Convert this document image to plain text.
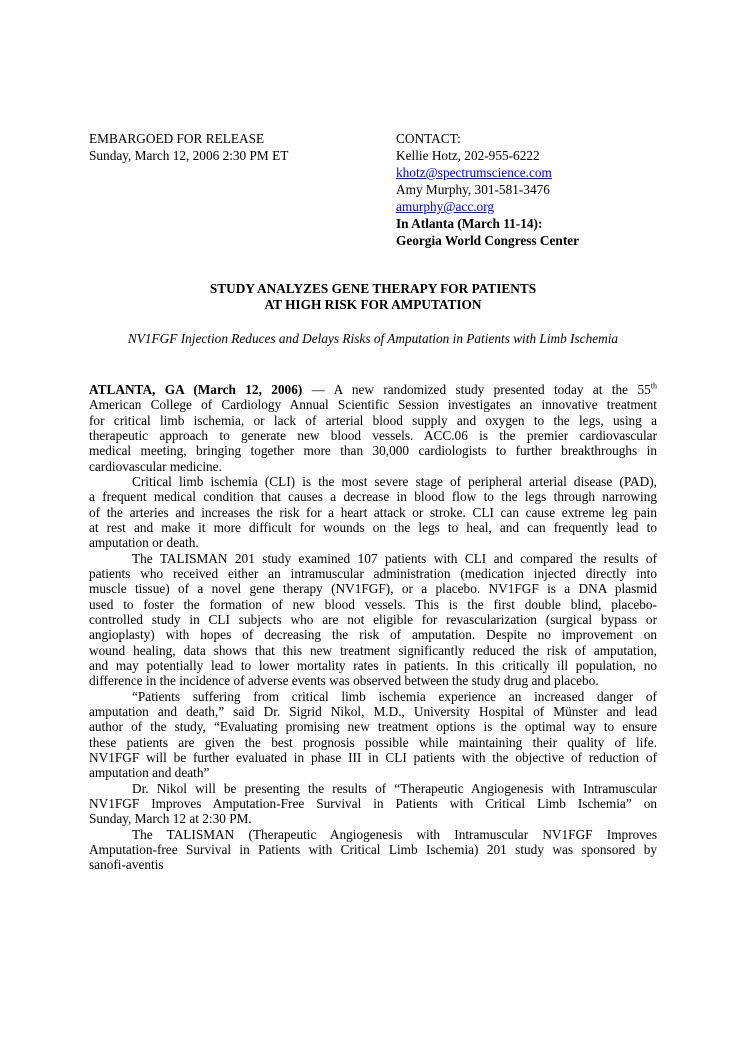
EMBARGOED FOR RELEASE
Sunday, March 12, 2006 2:30 PM ET
CONTACT:
Kellie Hotz, 202-955-6222
khotz@spectrumscience.com
Amy Murphy, 301-581-3476
amurphy@acc.org
In Atlanta (March 11-14):
Georgia World Congress Center
STUDY ANALYZES GENE THERAPY FOR PATIENTS
AT HIGH RISK FOR AMPUTATION
NV1FGF Injection Reduces and Delays Risks of Amputation in Patients with Limb Ischemia
ATLANTA, GA (March 12, 2006) — A new randomized study presented today at the 55th
American College of Cardiology Annual Scientific Session investigates an innovative treatment
for critical limb ischemia, or lack of arterial blood supply and oxygen to the legs, using a
therapeutic approach to generate new blood vessels. ACC.06 is the premier cardiovascular
medical meeting, bringing together more than 30,000 cardiologists to further breakthroughs in
cardiovascular medicine.
Critical limb ischemia (CLI) is the most severe stage of peripheral arterial disease (PAD),
a frequent medical condition that causes a decrease in blood flow to the legs through narrowing
of the arteries and increases the risk for a heart attack or stroke. CLI can cause extreme leg pain
at rest and make it more difficult for wounds on the legs to heal, and can frequently lead to
amputation or death.
The TALISMAN 201 study examined 107 patients with CLI and compared the results of
patients who received either an intramuscular administration (medication injected directly into
muscle tissue) of a novel gene therapy (NV1FGF), or a placebo. NV1FGF is a DNA plasmid
used to foster the formation of new blood vessels. This is the first double blind, placebo-
controlled study in CLI subjects who are not eligible for revascularization (surgical bypass or
angioplasty) with hopes of decreasing the risk of amputation. Despite no improvement on
wound healing, data shows that this new treatment significantly reduced the risk of amputation,
and may potentially lead to lower mortality rates in patients. In this critically ill population, no
difference in the incidence of adverse events was observed between the study drug and placebo.
“Patients suffering from critical limb ischemia experience an increased danger of
amputation and death,” said Dr. Sigrid Nikol, M.D., University Hospital of Münster and lead
author of the study, “Evaluating promising new treatment options is the optimal way to ensure
these patients are given the best prognosis possible while maintaining their quality of life.
NV1FGF will be further evaluated in phase III in CLI patients with the objective of reduction of
amputation and death”
Dr. Nikol will be presenting the results of “Therapeutic Angiogenesis with Intramuscular
NV1FGF Improves Amputation-Free Survival in Patients with Critical Limb Ischemia” on
Sunday, March 12 at 2:30 PM.
The TALISMAN (Therapeutic Angiogenesis with Intramuscular NV1FGF Improves
Amputation-free Survival in Patients with Critical Limb Ischemia) 201 study was sponsored by
sanofi-aventis
